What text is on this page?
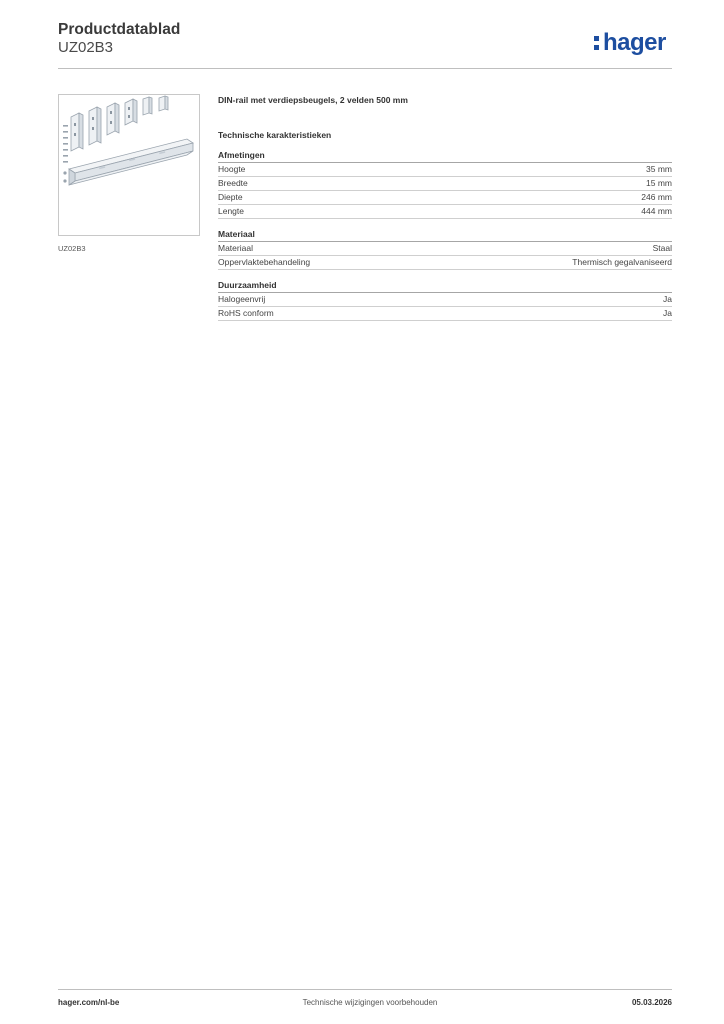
Productdatablad
UZ02B3	hager
UZ02B3
DIN-rail met verdiepsbeugels, 2 velden 500 mm
Technische karakteristieken
Afmetingen
Hoogte	35 mm
Breedte	15 mm
Diepte	246 mm
Lengte	444 mm
Materiaal
Materiaal	Staal
Oppervlaktebehandeling	Thermisch gegalvaniseerd
Duurzaamheid
Halogeenvrij	Ja
RoHS conform	Ja
hager.com/nl-be	Technische wijzigingen voorbehouden	05.03.2026
